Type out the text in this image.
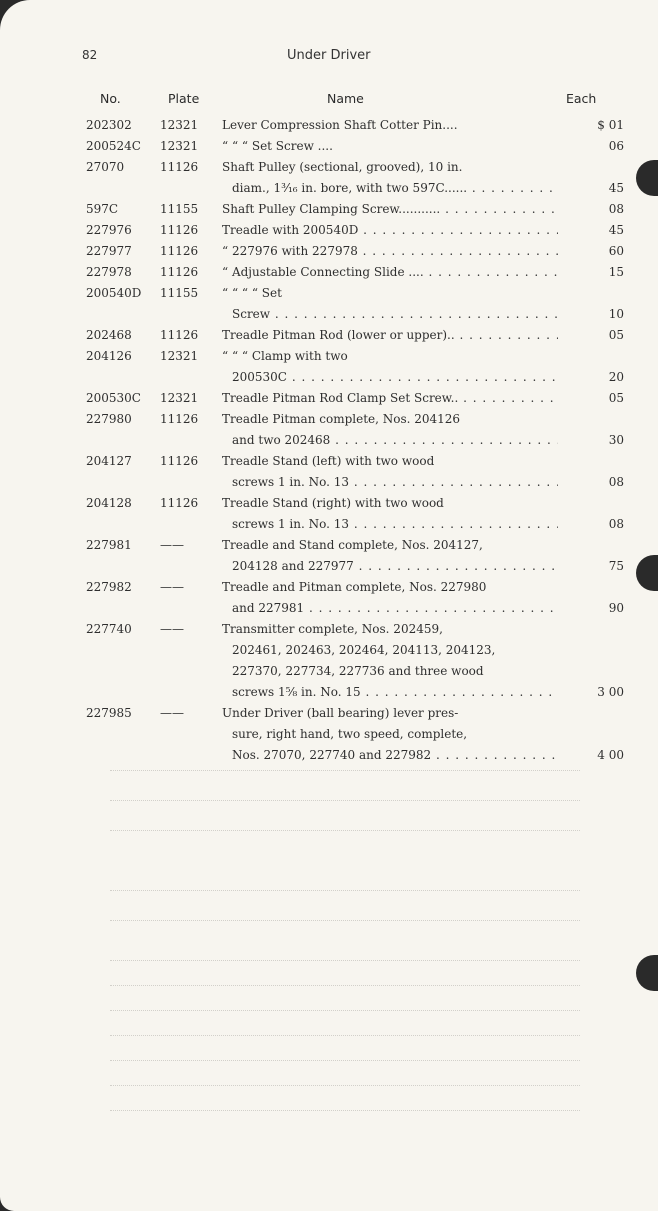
82	Under Driver
No.	Plate	Name	Each
202302	12321	Lever Compression Shaft Cotter Pin....	$ 01
200524C	12321	“ “ “ Set Screw ....	06
27070	11126	Shaft Pulley (sectional, grooved), 10 in.
diam., 1³⁄₁₆ in. bore, with two 597C...... . . .	45
597C	11155	Shaft Pulley Clamping Screw........... . . .	08
227976	11126	Treadle with 200540D . . .	45
227977	11126	“ 227976 with 227978 . . .	60
227978	11126	“ Adjustable Connecting Slide .... . . .	15
200540D	11155	“ “ “ “ Set
Screw . . .	10
202468	11126	Treadle Pitman Rod (lower or upper).. . . .	05
204126	12321	“ “ “ Clamp with two
200530C . . .	20
200530C	12321	Treadle Pitman Rod Clamp Set Screw.. . . .	05
227980	11126	Treadle Pitman complete, Nos. 204126
and two 202468 . . .	30
204127	11126	Treadle Stand (left) with two wood
screws 1 in. No. 13 . . .	08
204128	11126	Treadle Stand (right) with two wood
screws 1 in. No. 13 . . .	08
227981	——	Treadle and Stand complete, Nos. 204127,
204128 and 227977 . . .	75
227982	——	Treadle and Pitman complete, Nos. 227980
and 227981 . . .	90
227740	——	Transmitter complete, Nos. 202459,
202461, 202463, 202464, 204113, 204123,
227370, 227734, 227736 and three wood
screws 1⅝ in. No. 15 . . .	3 00
227985	——	Under Driver (ball bearing) lever pres-
sure, right hand, two speed, complete,
Nos. 27070, 227740 and 227982 . . .	4 00
